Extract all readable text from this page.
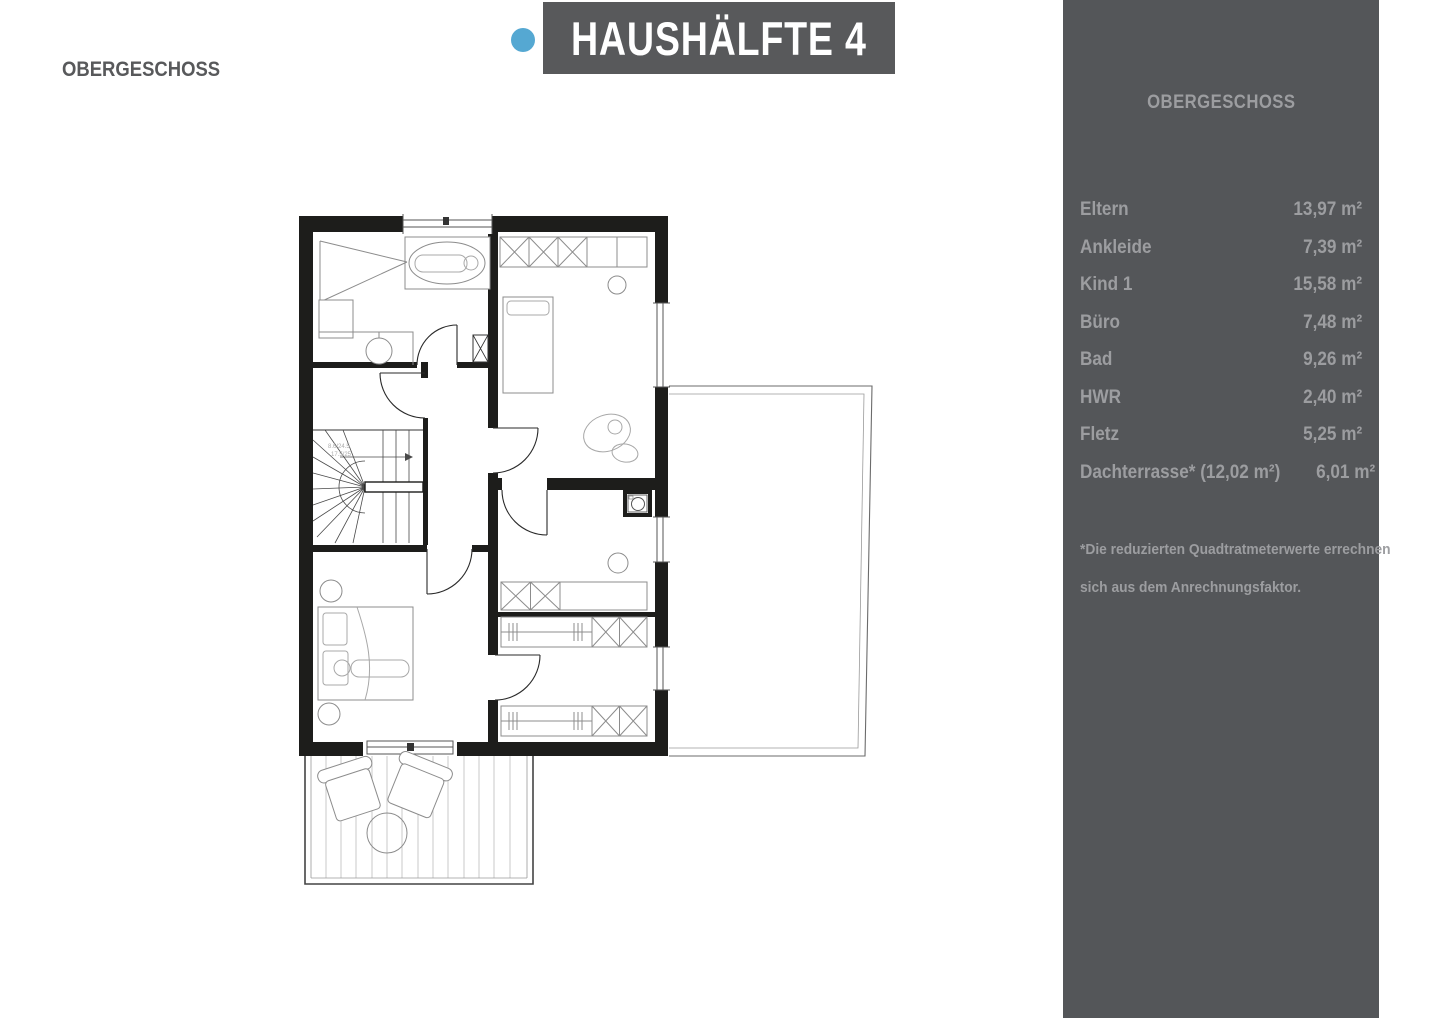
OBERGESCHOSS
HAUSHÄLFTE 4
8.6/24.5
17.5/25
OBERGESCHOSS
Eltern	13,97 m²
Ankleide	7,39 m²
Kind 1	15,58 m²
Büro	7,48 m²
Bad	9,26 m²
HWR	2,40 m²
Fletz	5,25 m²
Dachterrasse* (12,02 m²) 6,01 m²
*Die reduzierten Quadtratmeterwerte errechnen
sich aus dem Anrechnungsfaktor.
